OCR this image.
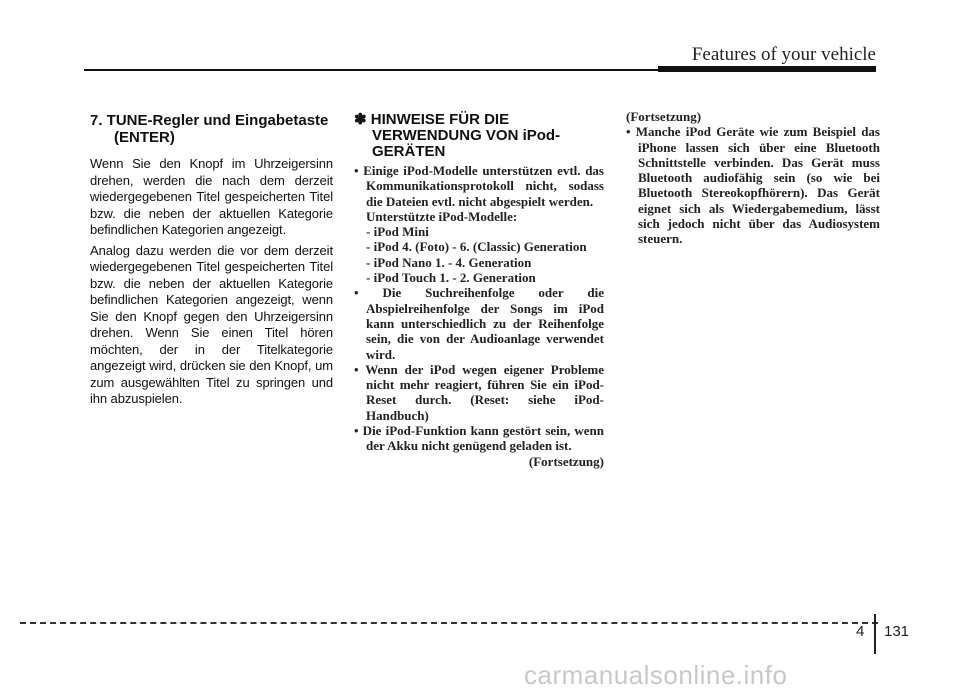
Features of your vehicle
7. TUNE-Regler und Eingabetaste (ENTER)

Wenn Sie den Knopf im Uhrzeigersinn drehen, werden die nach dem derzeit wiedergegebenen Titel gespeicherten Titel bzw. die neben der aktuellen Kategorie befindlichen Kategorien angezeigt.

Analog dazu werden die vor dem derzeit wiedergegebenen Titel gespeicherten Titel bzw. die neben der aktuellen Kategorie befindlichen Kategorien angezeigt, wenn Sie den Knopf gegen den Uhrzeigersinn drehen. Wenn Sie einen Titel hören möchten, der in der Titelkategorie angezeigt wird, drücken sie den Knopf, um zum ausgewählten Titel zu springen und ihn abzuspielen.

✽ HINWEISE FÜR DIE VERWENDUNG VON iPod-GERÄTEN
• Einige iPod-Modelle unterstützen evtl. das Kommunikationsprotokoll nicht, sodass die Dateien evtl. nicht abgespielt werden.
Unterstützte iPod-Modelle:
- iPod Mini
- iPod 4. (Foto) - 6. (Classic) Generation
- iPod Nano 1. - 4. Generation
- iPod Touch 1. - 2. Generation
• Die Suchreihenfolge oder die Abspielreihenfolge der Songs im iPod kann unterschiedlich zu der Reihenfolge sein, die von der Audioanlage verwendet wird.
• Wenn der iPod wegen eigener Probleme nicht mehr reagiert, führen Sie ein iPod-Reset durch. (Reset: siehe iPod-Handbuch)
• Die iPod-Funktion kann gestört sein, wenn der Akku nicht genügend geladen ist.
(Fortsetzung)
(Fortsetzung)
• Manche iPod Geräte wie zum Beispiel das iPhone lassen sich über eine Bluetooth Schnittstelle verbinden. Das Gerät muss Bluetooth audiofähig sein (so wie bei Bluetooth Stereokopfhörern). Das Gerät eignet sich als Wiedergabemedium, lässt sich jedoch nicht über das Audiosystem steuern.
4 131
carmanualsonline.info
